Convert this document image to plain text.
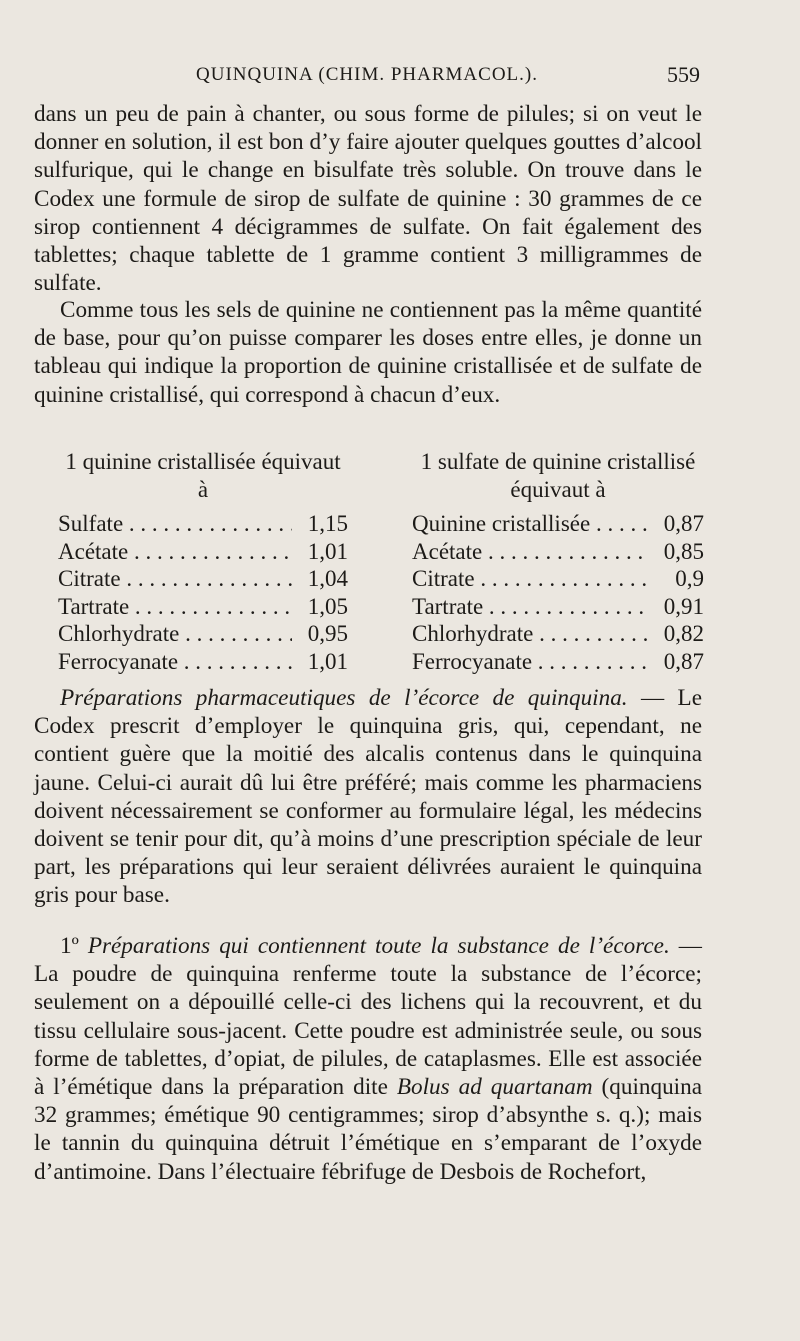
QUINQUINA (CHIM. PHARMACOL.).	559
dans un peu de pain à chanter, ou sous forme de pilules; si on veut le donner en solution, il est bon d’y faire ajouter quelques gouttes d’alcool sulfurique, qui le change en bisulfate très soluble. On trouve dans le Codex une formule de sirop de sulfate de quinine : 30 grammes de ce sirop contiennent 4 décigrammes de sulfate. On fait également des tablettes; chaque tablette de 1 gramme contient 3 milligrammes de sulfate.
Comme tous les sels de quinine ne contiennent pas la même quantité de base, pour qu’on puisse comparer les doses entre elles, je donne un tableau qui indique la proportion de quinine cristallisée et de sulfate de quinine cristallisé, qui correspond à chacun d’eux.
1 quinine cristallisée équivaut à
Sulfate . . .	1,15
Acétate . . .	1,01
Citrate . . .	1,04
Tartrate . . .	1,05
Chlorhydrate . . .	0,95
Ferrocyanate . . .	1,01
1 sulfate de quinine cristallisé équivaut à
Quinine cristallisée . . .	0,87
Acétate . . .	0,85
Citrate . . .	0,9
Tartrate . . .	0,91
Chlorhydrate . . .	0,82
Ferrocyanate . . .	0,87
Préparations pharmaceutiques de l’écorce de quinquina. — Le Codex prescrit d’employer le quinquina gris, qui, cependant, ne contient guère que la moitié des alcalis contenus dans le quinquina jaune. Celui-ci aurait dû lui être préféré; mais comme les pharmaciens doivent nécessairement se conformer au formulaire légal, les médecins doivent se tenir pour dit, qu’à moins d’une prescription spéciale de leur part, les préparations qui leur seraient délivrées auraient le quinquina gris pour base.
1º Préparations qui contiennent toute la substance de l’écorce. — La poudre de quinquina renferme toute la substance de l’écorce; seulement on a dépouillé celle-ci des lichens qui la recouvrent, et du tissu cellulaire sous-jacent. Cette poudre est administrée seule, ou sous forme de tablettes, d’opiat, de pilules, de cataplasmes. Elle est associée à l’émétique dans la préparation dite Bolus ad quartanam (quinquina 32 grammes; émétique 90 centigrammes; sirop d’absynthe s. q.); mais le tannin du quinquina détruit l’émétique en s’emparant de l’oxyde d’antimoine. Dans l’électuaire fébrifuge de Desbois de Rochefort,
